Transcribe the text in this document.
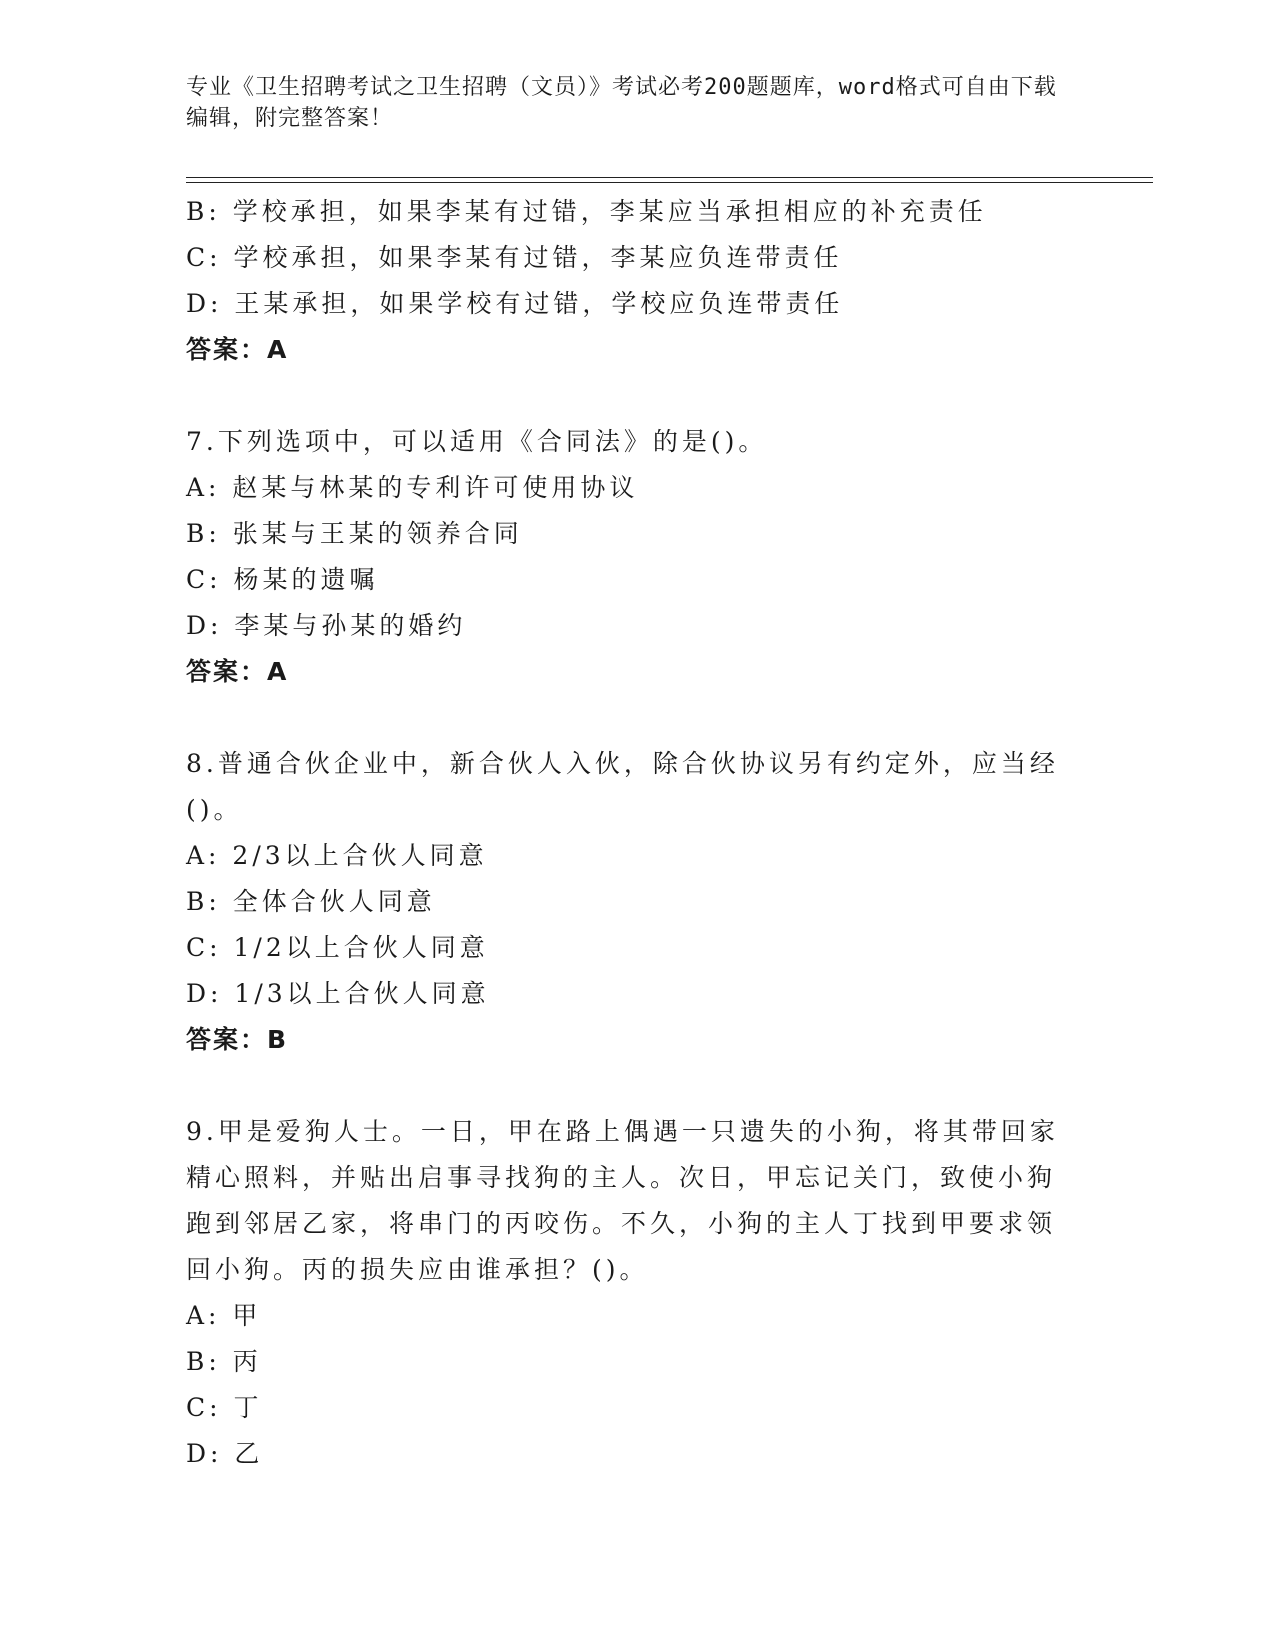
专业《卫生招聘考试之卫生招聘（文员）》考试必考200题题库，word格式可自由下载编辑，附完整答案！
B: 学校承担，如果李某有过错，李某应当承担相应的补充责任
C: 学校承担，如果李某有过错，李某应负连带责任
D: 王某承担，如果学校有过错，学校应负连带责任
答案：A
7.下列选项中，可以适用《合同法》的是()。
A: 赵某与林某的专利许可使用协议
B: 张某与王某的领养合同
C: 杨某的遗嘱
D: 李某与孙某的婚约
答案：A
8.普通合伙企业中，新合伙人入伙，除合伙协议另有约定外，应当经()。
A: 2/3以上合伙人同意
B: 全体合伙人同意
C: 1/2以上合伙人同意
D: 1/3以上合伙人同意
答案：B
9.甲是爱狗人士。一日，甲在路上偶遇一只遗失的小狗，将其带回家精心照料，并贴出启事寻找狗的主人。次日，甲忘记关门，致使小狗跑到邻居乙家，将串门的丙咬伤。不久，小狗的主人丁找到甲要求领回小狗。丙的损失应由谁承担？()。
A: 甲
B: 丙
C: 丁
D: 乙
